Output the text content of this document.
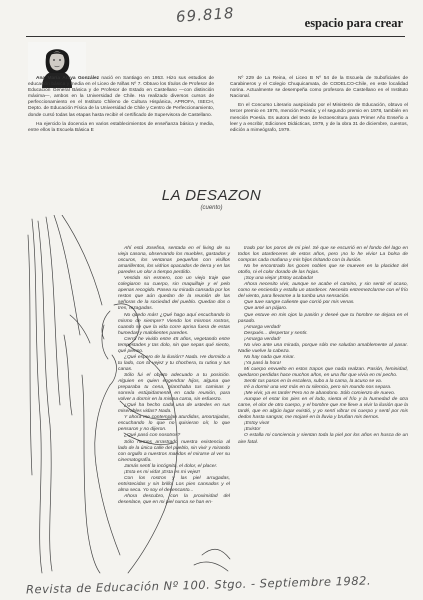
69.818	espacio para crear

Ana María Araya González nació en Santiago en 1953. Hizo sus estudios de educación básica y media en el Liceo de Niñas Nº 7. Obtuvo los títulos de Profesor de Educación General Básica y de Profesor de Estado en Castellano —con distinción máxima—, ambos en la Universidad de Chile. Ha realizado diversos cursos de perfeccionamiento en el Instituto Chileno de Cultura Hispánica, APROFA, ISECH, Depto. de Educación Física de la Universidad de Chile y Centro de Perfeccionamiento, donde cursó todas las etapas hasta recibir el certificado de Supervisora de Castellano.

Ha ejercido la docencia en varios establecimientos de enseñanza básica y media, entre ellos la Escuela Básica E

Nº 229 de La Reina, el Liceo B Nº 54 de la Escuela de Suboficiales de Carabineros y el Colegio Chuquicamata, de CODELCO-Chile, en este localidad norina. Actualmente se desempeña como profesora de Castellano en el Instituto Nacional.

En el Concurso Literario auspiciado por el Ministerio de Educación, obtuvo el tercer premio en 1976, mención Poesía; y el segundo premio en 1978, también en mención Poesía. Es autora del texto de lectoescritura para Primer Año Enseño a leer y a escribir, Ediciones Didácticas, 1979, y de la obra 31 de diciembre, cuentos, edición a mimeógrafo, 1979.

LA DESAZON
(cuento)

Ahí está Josefina, sentada en el living de su vieja casona, observando los muebles, gastados y oscuros, los ventanas pequeñas con visillos amarillentos, los vidrios opacados de tierra y en las paredes un olor a tiempo perdido.

Vestida sin esmero, con un viejo traje que colegiaron su cuerpo, sin maquillaje y el pelo apenas recogido. Pasea su mirada cansada por los restos que aún quedan de la reunión de las señoras de la sociedad del pueblo. Quedan dos o tres, rezagadas.

No quedo más! ¿Qué hago aquí escuchando lo mismo de siempre? Viendo los mismos rostros, cuando se que la vida corre aprisa fuera de estas humedas y malolientes paredes.

Cerró he vivido entre 45 años, vegetando entre tempestades y tas dolo, sin que sepas qué siento, qué pienso.

¿Qué espero de la ilusión? Nada. He dormido a tu lado, con tu vejez y tu chochera, tu rutina y tus canas.

Sólo fui el objeto adecuado a tu posición. Alguien en quien engendrar hijos, alguna que preparaba tu cena, planchaba tus camisas y sonreía estúpidamente en cada reunión, para volver a dormir en la misma cama, sin esfuerzo.

¿Qué ha hecho cada una de ustedes en sus miserables vidas? Nada.

Y ahora me contemplan aturdidas, amortajadas, escuchando lo que no quisieran oír, lo que pensaron y no dijeron.

¿Qué pasó con nosotros?

Sólo hemos arrastrado nuestra existencia al lado de la única calle del pueblo, sin vivir y mirando con orgullo a nuestros maridos el mirarse al ver su cinematografía.

Jamás sentí la incógnita, el dolor, el placer.

¡Esta es mi vida! ¡Esta es mi vejez!

Con los rostros y las piel arrugadas, entristecidas y sin brillo. Los pies cansados y el alma seca. Yo soy el desencanto...

Ahora descubro, con la proximidad del desenlace, que en mi piel nunca se han en-

trado por los poros de mi piel. Sé que se escurrió en el fondo del lago en todos los atardeceres de estos años, pero ¡no lo he vivio! La bolsa de compras cada mañana y mis hijos tiritando con la ilusión.

No he encontrado los goces nobles que se mueven en la placidez del otoño, ni el color dorado de las hojas.

¡Soy una vieja! ¡Estoy acabada!

Ahora necesito vivir, aunque se acabe el camino, y sin sentir el ocaso, como se encienda y estalla un atardecer. Necesito entremezclarme con el frío del viento, para llevarme a la tumba una sensación.

Que tuve sangre caliente que corrió por mis venas.

Que amé un pájaro.

Que estuve en mis ojos la pasión y deseé que tu hombre se dejara en el pasado.

¡Amarga verdad!

Después... despertar y sentir.

¡Amarga verdad!

No vivo ante una mirada, porque sólo me saludan amablemente al pasar. Nadie vuelve la cabeza.

No hay nada que mirar.

¡Ya pasó la hora!

Mi cuerpo envuelto en estos trapos que nada realzan. Pasión, feminidad, quedaron perdidas hace muchos años, en una flor que vivía en mi pecho.

Sentir tus pasos en la escalera, subo a la cama, la acuso se va.

Iré a dormir una vez más en tu silencio, pero sin mundo nos separa.

¡Me vivir, ya es tarde! Pero no te abandono. Sólo comienzo de nuevo.

Aunque el estar los pies en el lodo, sienta el frío y la humedad de otra carne, el olor de otro cuerpo, y el hombre que me lleve a vivir la ilusión que la tardé, que en algún lugar existió, y yo sentí vibrar mi cuerpo y sentí por mis dedos hasta sangrar, me mojaré en la lluvia y bruñan mis tiernos.

¡Estoy viva!

¡Existo!

O estalla mi conciencia y sientan toda la piel por los años en husca de un aire fatal.

Revista de Educación Nº 100. Stgo. - Septiembre 1982.
